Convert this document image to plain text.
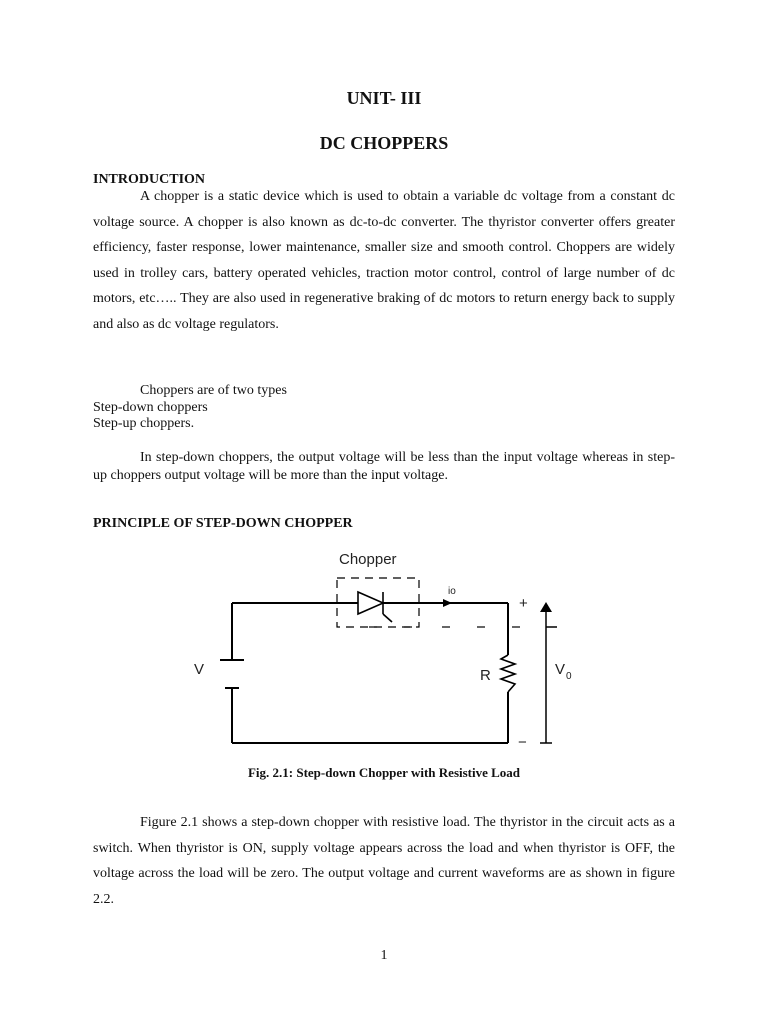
UNIT- III
DC CHOPPERS
INTRODUCTION

A chopper is a static device which is used to obtain a variable dc voltage from a constant dc voltage source. A chopper is also known as dc-to-dc converter. The thyristor converter offers greater efficiency, faster response, lower maintenance, smaller size and smooth control. Choppers are widely used in trolley cars, battery operated vehicles, traction motor control, control of large number of dc motors, etc….. They are also used in regenerative braking of dc motors to return energy back to supply and also as dc voltage regulators.

Choppers are of two types
Step-down choppers
Step-up choppers.

In step-down choppers, the output voltage will be less than the input voltage whereas in step-up choppers output voltage will be more than the input voltage.

PRINCIPLE OF STEP-DOWN CHOPPER
Chopper
io
V	R	V 0
+
−
Fig. 2.1: Step-down Chopper with Resistive Load

Figure 2.1 shows a step-down chopper with resistive load. The thyristor in the circuit acts as a switch. When thyristor is ON, supply voltage appears across the load and when thyristor is OFF, the voltage across the load will be zero. The output voltage and current waveforms are as shown in figure 2.2.

1
